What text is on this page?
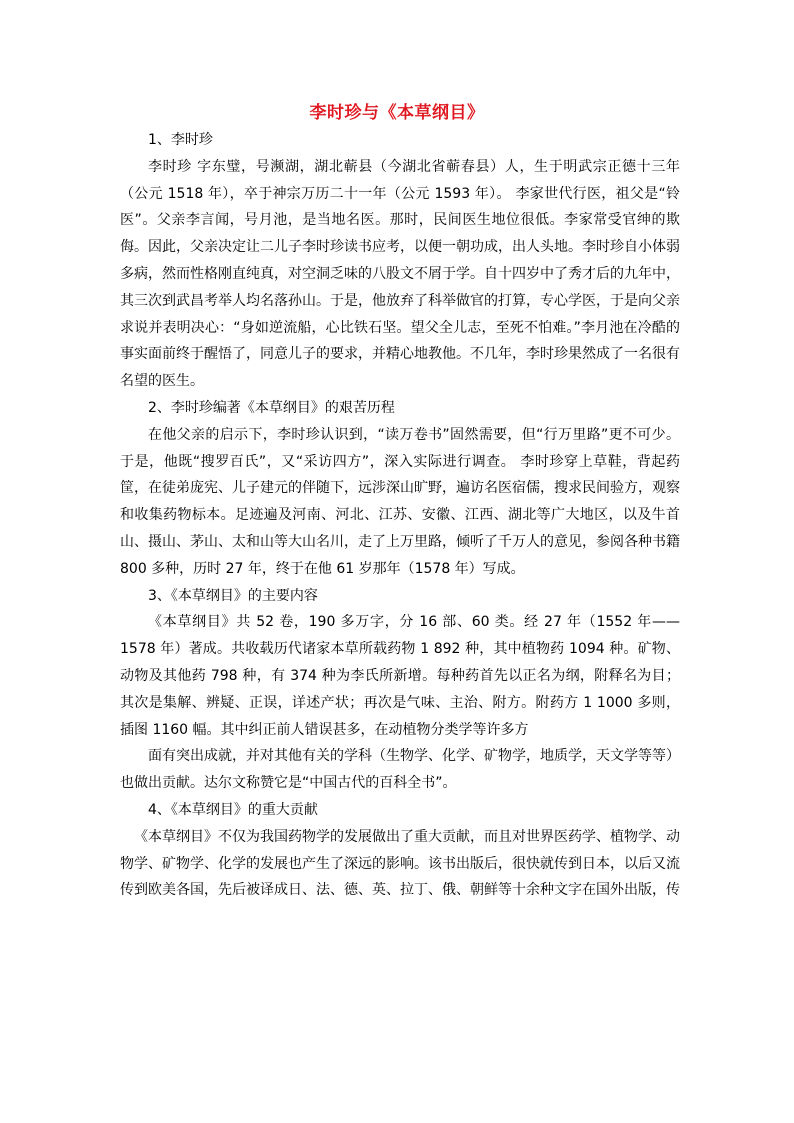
李时珍与《本草纲目》

1、李时珍

李时珍 字东璧，号濒湖，湖北蕲县（今湖北省蕲春县）人，生于明武宗正德十三年（公元 1518 年），卒于神宗万历二十一年（公元 1593 年）。 李家世代行医，祖父是“铃医”。父亲李言闻，号月池，是当地名医。那时，民间医生地位很低。李家常受官绅的欺侮。因此，父亲决定让二儿子李时珍读书应考，以便一朝功成，出人头地。李时珍自小体弱多病，然而性格刚直纯真，对空洞乏味的八股文不屑于学。自十四岁中了秀才后的九年中，其三次到武昌考举人均名落孙山。于是，他放弃了科举做官的打算，专心学医，于是向父亲求说并表明决心：“身如逆流船，心比铁石坚。望父全儿志，至死不怕难。”李月池在冷酷的事实面前终于醒悟了，同意儿子的要求，并精心地教他。不几年，李时珍果然成了一名很有名望的医生。

2、李时珍编著《本草纲目》的艰苦历程

在他父亲的启示下，李时珍认识到，“读万卷书”固然需要，但“行万里路”更不可少。于是，他既“搜罗百氏”，又“采访四方”，深入实际进行调查。 李时珍穿上草鞋，背起药筐，在徒弟庞宪、儿子建元的伴随下，远涉深山旷野，遍访名医宿儒，搜求民间验方，观察和收集药物标本。足迹遍及河南、河北、江苏、安徽、江西、湖北等广大地区，以及牛首山、摄山、茅山、太和山等大山名川，走了上万里路，倾听了千万人的意见，参阅各种书籍 800 多种，历时 27 年，终于在他 61 岁那年（1578 年）写成。

3、《本草纲目》的主要内容

《本草纲目》共 52 卷，190 多万字，分 16 部、60 类。经 27 年（1552 年——1578 年）著成。共收载历代诸家本草所载药物 1 892 种，其中植物药 1094 种。矿物、动物及其他药 798 种，有 374 种为李氏所新增。每种药首先以正名为纲，附释名为目；其次是集解、辨疑、正误，详述产状；再次是气味、主治、附方。附药方 1 1000 多则，插图 1160 幅。其中纠正前人错误甚多，在动植物分类学等许多方

面有突出成就，并对其他有关的学科（生物学、化学、矿物学，地质学，天文学等等）也做出贡献。达尔文称赞它是“中国古代的百科全书”。

4、《本草纲目》的重大贡献

《本草纲目》不仅为我国药物学的发展做出了重大贡献，而且对世界医药学、植物学、动物学、矿物学、化学的发展也产生了深远的影响。该书出版后，很快就传到日本，以后又流传到欧美各国，先后被译成日、法、德、英、拉丁、俄、朝鲜等十余种文字在国外出版，传
